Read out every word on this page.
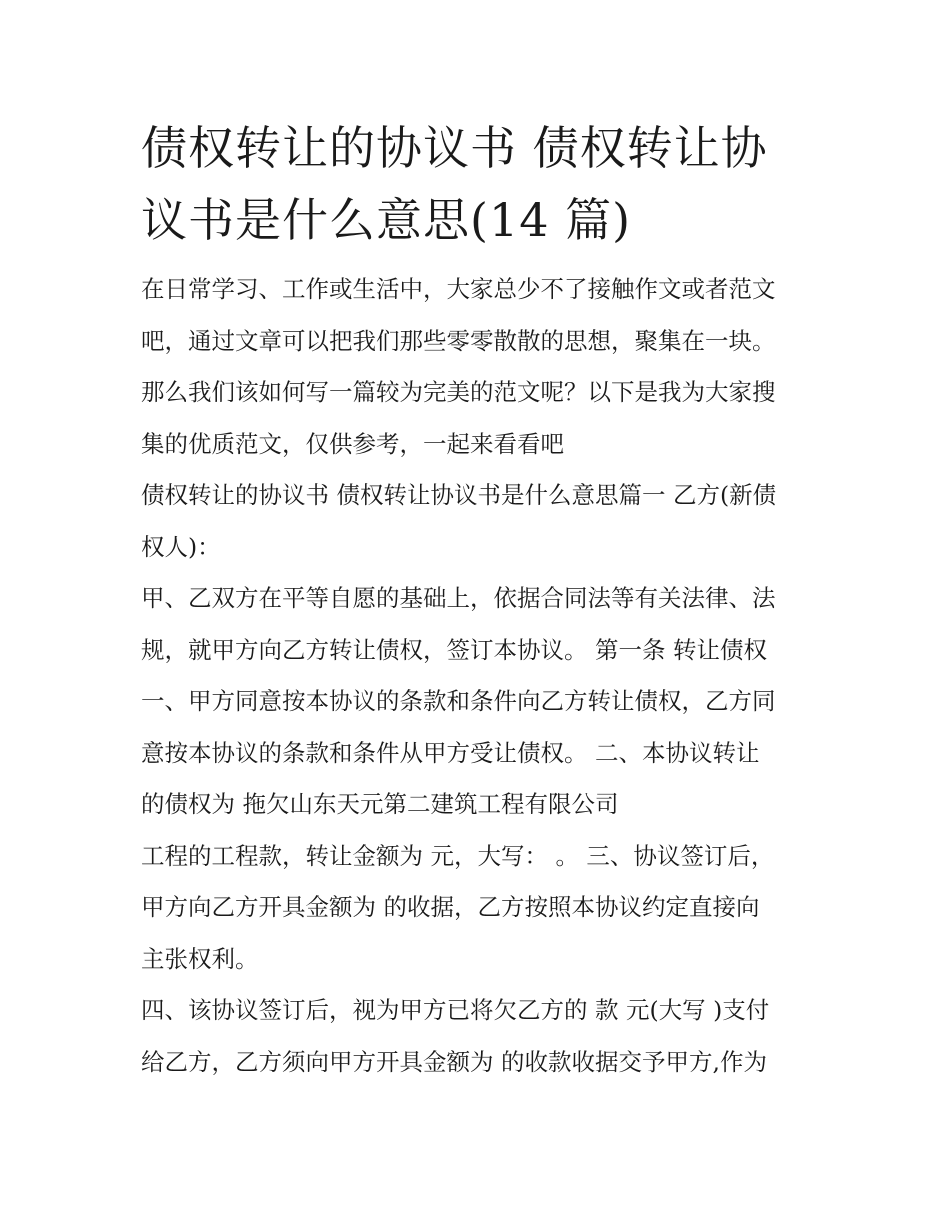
债权转让的协议书 债权转让协
议书是什么意思(14 篇)

在日常学习、工作或生活中，大家总少不了接触作文或者范文
吧，通过文章可以把我们那些零零散散的思想，聚集在一块。
那么我们该如何写一篇较为完美的范文呢？以下是我为大家搜
集的优质范文，仅供参考，一起来看看吧

债权转让的协议书 债权转让协议书是什么意思篇一 乙方(新债
权人)：

甲、乙双方在平等自愿的基础上，依据合同法等有关法律、法
规，就甲方向乙方转让债权，签订本协议。 第一条 转让债权
一、甲方同意按本协议的条款和条件向乙方转让债权，乙方同
意按本协议的条款和条件从甲方受让债权。 二、本协议转让
的债权为 拖欠山东天元第二建筑工程有限公司

工程的工程款，转让金额为 元，大写： 。 三、协议签订后，
甲方向乙方开具金额为 的收据，乙方按照本协议约定直接向
主张权利。

四、该协议签订后，视为甲方已将欠乙方的 款 元(大写 )支付
给乙方，乙方须向甲方开具金额为 的收款收据交予甲方,作为
